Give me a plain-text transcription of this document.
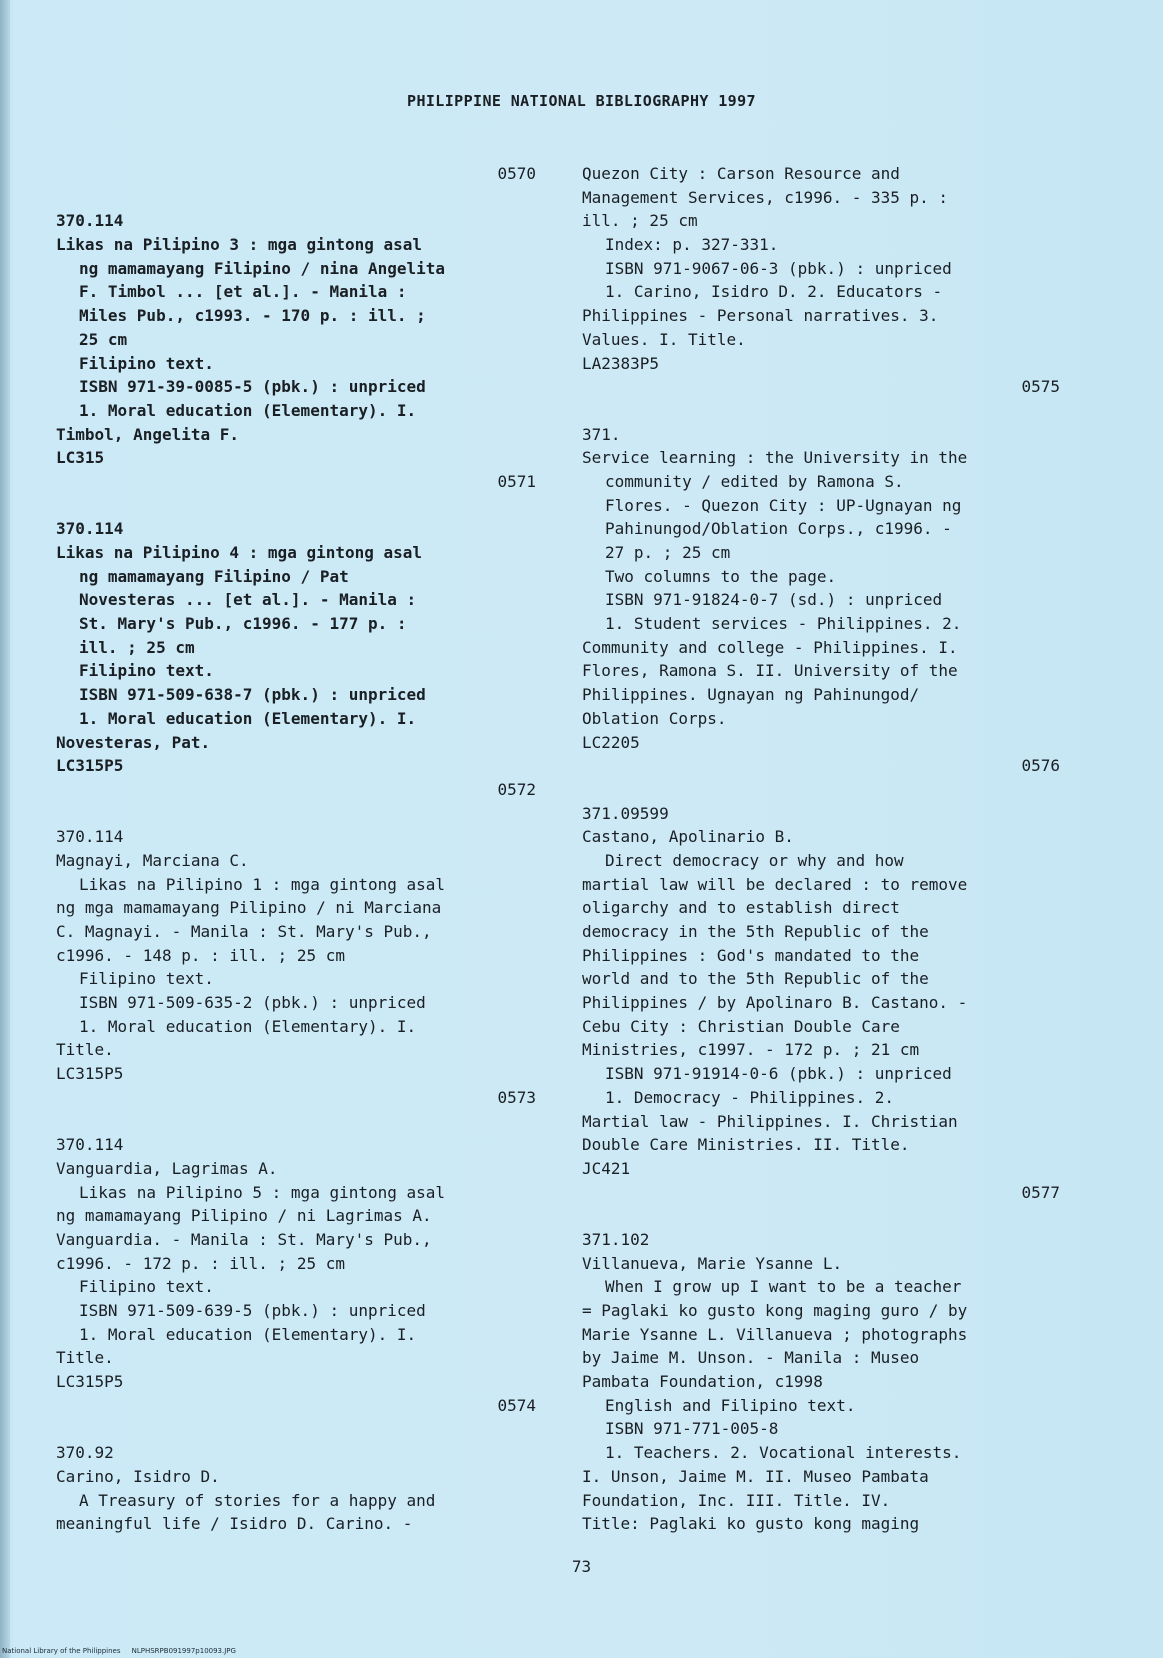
PHILIPPINE NATIONAL BIBLIOGRAPHY 1997
0570
370.114
Likas na Pilipino 3 : mga gintong asal
ng mamamayang Filipino / nina Angelita
F. Timbol ... [et al.]. - Manila :
Miles Pub., c1993. - 170 p. : ill. ;
25 cm
Filipino text.
ISBN 971-39-0085-5 (pbk.) : unpriced
1. Moral education (Elementary). I.
Timbol, Angelita F.
LC315
0571
370.114
Likas na Pilipino 4 : mga gintong asal
ng mamamayang Filipino / Pat
Novesteras ... [et al.]. - Manila :
St. Mary's Pub., c1996. - 177 p. :
ill. ; 25 cm
Filipino text.
ISBN 971-509-638-7 (pbk.) : unpriced
1. Moral education (Elementary). I.
Novesteras, Pat.
LC315P5
0572
370.114
Magnayi, Marciana C.
Likas na Pilipino 1 : mga gintong asal
ng mga mamamayang Pilipino / ni Marciana
C. Magnayi. - Manila : St. Mary's Pub.,
c1996. - 148 p. : ill. ; 25 cm
Filipino text.
ISBN 971-509-635-2 (pbk.) : unpriced
1. Moral education (Elementary). I.
Title.
LC315P5
0573
370.114
Vanguardia, Lagrimas A.
Likas na Pilipino 5 : mga gintong asal
ng mamamayang Pilipino / ni Lagrimas A.
Vanguardia. - Manila : St. Mary's Pub.,
c1996. - 172 p. : ill. ; 25 cm
Filipino text.
ISBN 971-509-639-5 (pbk.) : unpriced
1. Moral education (Elementary). I.
Title.
LC315P5
0574
370.92
Carino, Isidro D.
A Treasury of stories for a happy and
meaningful life / Isidro D. Carino. -
Quezon City : Carson Resource and
Management Services, c1996. - 335 p. :
ill. ; 25 cm
Index: p. 327-331.
ISBN 971-9067-06-3 (pbk.) : unpriced
1. Carino, Isidro D. 2. Educators -
Philippines - Personal narratives. 3.
Values. I. Title.
LA2383P5
0575
371.
Service learning : the University in the
community / edited by Ramona S.
Flores. - Quezon City : UP-Ugnayan ng
Pahinungod/Oblation Corps., c1996. -
27 p. ; 25 cm
Two columns to the page.
ISBN 971-91824-0-7 (sd.) : unpriced
1. Student services - Philippines. 2.
Community and college - Philippines. I.
Flores, Ramona S. II. University of the
Philippines. Ugnayan ng Pahinungod/
Oblation Corps.
LC2205
0576
371.09599
Castano, Apolinario B.
Direct democracy or why and how
martial law will be declared : to remove
oligarchy and to establish direct
democracy in the 5th Republic of the
Philippines : God's mandated to the
world and to the 5th Republic of the
Philippines / by Apolinaro B. Castano. -
Cebu City : Christian Double Care
Ministries, c1997. - 172 p. ; 21 cm
ISBN 971-91914-0-6 (pbk.) : unpriced
1. Democracy - Philippines. 2.
Martial law - Philippines. I. Christian
Double Care Ministries. II. Title.
JC421
0577
371.102
Villanueva, Marie Ysanne L.
When I grow up I want to be a teacher
= Paglaki ko gusto kong maging guro / by
Marie Ysanne L. Villanueva ; photographs
by Jaime M. Unson. - Manila : Museo
Pambata Foundation, c1998
English and Filipino text.
ISBN 971-771-005-8
1. Teachers. 2. Vocational interests.
I. Unson, Jaime M. II. Museo Pambata
Foundation, Inc. III. Title. IV.
Title: Paglaki ko gusto kong maging
73
National Library of the Philippines     NLPHSRPB091997p10093.JPG
